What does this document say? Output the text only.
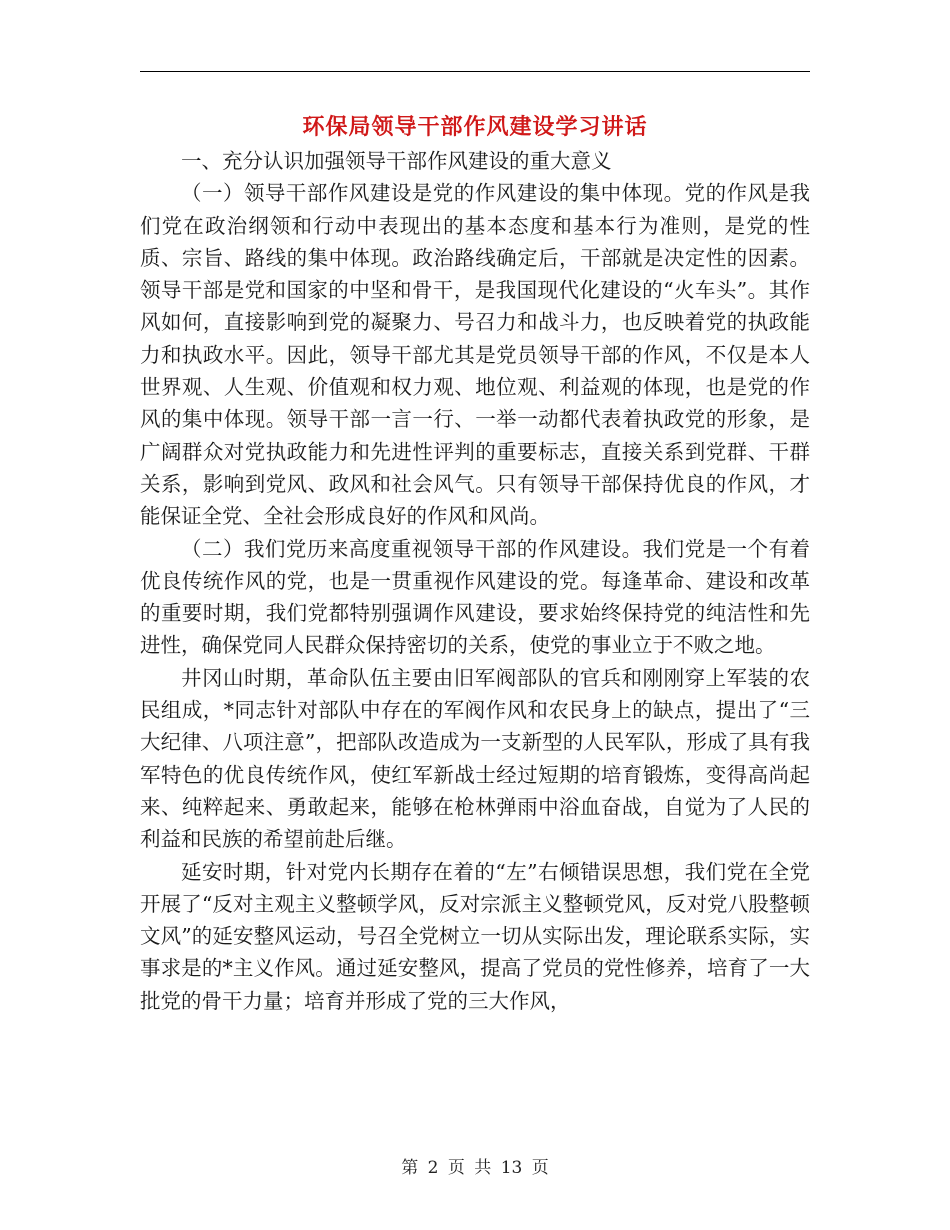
环保局领导干部作风建设学习讲话

一、充分认识加强领导干部作风建设的重大意义

（一）领导干部作风建设是党的作风建设的集中体现。党的作风是我们党在政治纲领和行动中表现出的基本态度和基本行为准则，是党的性质、宗旨、路线的集中体现。政治路线确定后，干部就是决定性的因素。领导干部是党和国家的中坚和骨干，是我国现代化建设的“火车头”。其作风如何，直接影响到党的凝聚力、号召力和战斗力，也反映着党的执政能力和执政水平。因此，领导干部尤其是党员领导干部的作风，不仅是本人世界观、人生观、价值观和权力观、地位观、利益观的体现，也是党的作风的集中体现。领导干部一言一行、一举一动都代表着执政党的形象，是广阔群众对党执政能力和先进性评判的重要标志，直接关系到党群、干群关系，影响到党风、政风和社会风气。只有领导干部保持优良的作风，才能保证全党、全社会形成良好的作风和风尚。

（二）我们党历来高度重视领导干部的作风建设。我们党是一个有着优良传统作风的党，也是一贯重视作风建设的党。每逢革命、建设和改革的重要时期，我们党都特别强调作风建设，要求始终保持党的纯洁性和先进性，确保党同人民群众保持密切的关系，使党的事业立于不败之地。

井冈山时期，革命队伍主要由旧军阀部队的官兵和刚刚穿上军装的农民组成，*同志针对部队中存在的军阀作风和农民身上的缺点，提出了“三大纪律、八项注意”，把部队改造成为一支新型的人民军队，形成了具有我军特色的优良传统作风，使红军新战士经过短期的培育锻炼，变得高尚起来、纯粹起来、勇敢起来，能够在枪林弹雨中浴血奋战，自觉为了人民的利益和民族的希望前赴后继。

延安时期，针对党内长期存在着的“左”右倾错误思想，我们党在全党开展了“反对主观主义整顿学风，反对宗派主义整顿党风，反对党八股整顿文风”的延安整风运动，号召全党树立一切从实际出发，理论联系实际，实事求是的*主义作风。通过延安整风，提高了党员的党性修养，培育了一大批党的骨干力量；培育并形成了党的三大作风，

第 2 页 共 13 页
